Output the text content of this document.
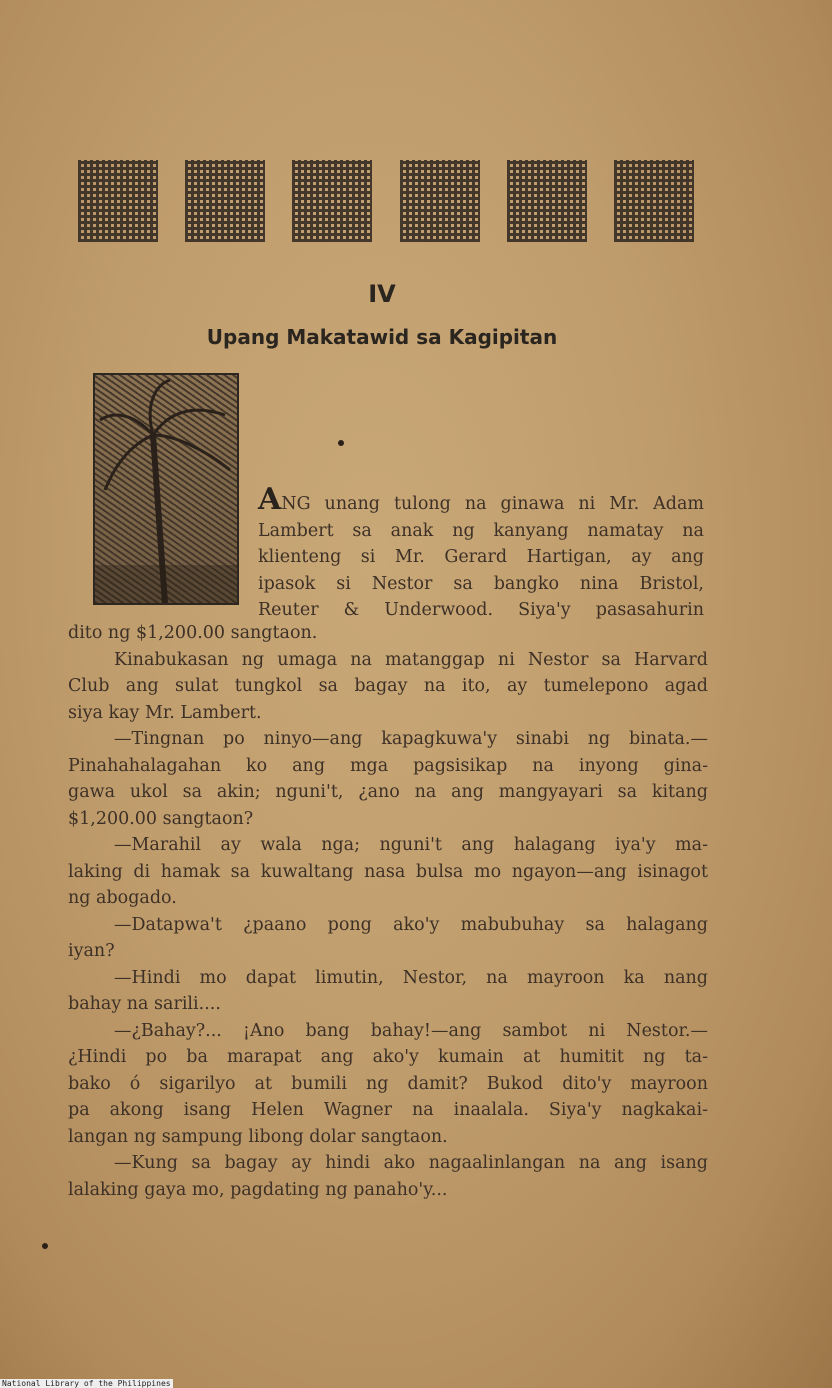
IV
Upang Makatawid sa Kagipitan
ANG unang tulong na ginawa ni Mr. Adam
Lambert sa anak ng kanyang namatay na
klienteng si Mr. Gerard Hartigan, ay ang
ipasok si Nestor sa bangko nina Bristol,
Reuter & Underwood. Siya'y pasasahurin
dito ng $1,200.00 sangtaon.
Kinabukasan ng umaga na matanggap ni Nestor sa Harvard
Club ang sulat tungkol sa bagay na ito, ay tumelepono agad
siya kay Mr. Lambert.
—Tingnan po ninyo—ang kapagkuwa'y sinabi ng binata.—
Pinahahalagahan ko ang mga pagsisikap na inyong gina-
gawa ukol sa akin; nguni't, ¿ano na ang mangyayari sa kitang
$1,200.00 sangtaon?
—Marahil ay wala nga; nguni't ang halagang iya'y ma-
laking di hamak sa kuwaltang nasa bulsa mo ngayon—ang isinagot
ng abogado.
—Datapwa't ¿paano pong ako'y mabubuhay sa halagang
iyan?
—Hindi mo dapat limutin, Nestor, na mayroon ka nang
bahay na sarili....
—¿Bahay?... ¡Ano bang bahay!—ang sambot ni Nestor.—
¿Hindi po ba marapat ang ako'y kumain at humitit ng ta-
bako ó sigarilyo at bumili ng damit? Bukod dito'y mayroon
pa akong isang Helen Wagner na inaalala. Siya'y nagkakai-
langan ng sampung libong dolar sangtaon.
—Kung sa bagay ay hindi ako nagaalinlangan na ang isang
lalaking gaya mo, pagdating ng panaho'y...
National Library of the Philippines
